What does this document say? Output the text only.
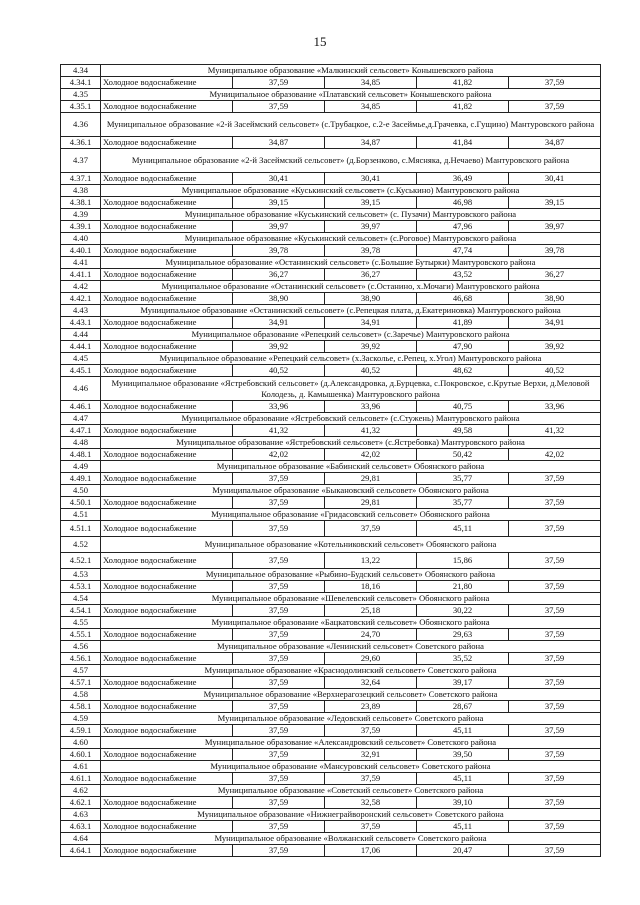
15
4.34	Муниципальное образование «Малкинский сельсовет» Конышевского района				
4.34.1	Холодное водоснабжение	37,59	34,85	41,82	37,59
4.35	Муниципальное образование «Платавский сельсовет» Конышевского района				
4.35.1	Холодное водоснабжение	37,59	34,85	41,82	37,59
4.36	Муниципальное образование «2-й Засеймский сельсовет» (с.Трубацкое, с.2-е Засеймье,д.Грачевка, с.Гущино) Мантуровского района				
4.36.1	Холодное водоснабжение	34,87	34,87	41,84	34,87
4.37	Муниципальное образование «2-й Засеймский сельсовет» (д.Борзенково, с.Мясняка, д.Нечаево) Мантуровского района				
4.37.1	Холодное водоснабжение	30,41	30,41	36,49	30,41
4.38	Муниципальное образование «Куськинский сельсовет» (с.Куськино) Мантуровского района				
4.38.1	Холодное водоснабжение	39,15	39,15	46,98	39,15
4.39	Муниципальное образование «Куськинский сельсовет» (с. Пузачи) Мантуровского района				
4.39.1	Холодное водоснабжение	39,97	39,97	47,96	39,97
4.40	Муниципальное образование «Куськинский сельсовет» (с.Роговое) Мантуровского района				
4.40.1	Холодное водоснабжение	39,78	39,78	47,74	39,78
4.41	Муниципальное образование «Останинский сельсовет» (с.Большие Бутырки) Мантуровского района				
4.41.1	Холодное водоснабжение	36,27	36,27	43,52	36,27
4.42	Муниципальное образование «Останинский сельсовет» (с.Останино, х.Мочаги) Мантуровского района				
4.42.1	Холодное водоснабжение	38,90	38,90	46,68	38,90
4.43	Муниципальное образование «Останинский сельсовет» (с.Репецкая плата, д.Екатериновка) Мантуровского района				
4.43.1	Холодное водоснабжение	34,91	34,91	41,89	34,91
4.44	Муниципальное образование «Репецкий сельсовет» (с.Заречье) Мантуровского района				
4.44.1	Холодное водоснабжение	39,92	39,92	47,90	39,92
4.45	Муниципальное образование «Репецкий сельсовет» (х.Засколье, с.Репец, х.Угол) Мантуровского района				
4.45.1	Холодное водоснабжение	40,52	40,52	48,62	40,52
4.46	Муниципальное образование «Ястребовский сельсовет» (д.Александровка, д.Бурцевка, с.Покровское, с.Крутые Верхи, д.Меловой Колодезь, д. Камышенка) Мантуровского района				
4.46.1	Холодное водоснабжение	33,96	33,96	40,75	33,96
4.47	Муниципальное образование «Ястребовский сельсовет» (с.Стужень) Мантуровского района				
4.47.1	Холодное водоснабжение	41,32	41,32	49,58	41,32
4.48	Муниципальное образование «Ястребовский сельсовет» (с.Ястребовка) Мантуровского района				
4.48.1	Холодное водоснабжение	42,02	42,02	50,42	42,02
4.49	Муниципальное образование «Бабинский сельсовет» Обоянского района				
4.49.1	Холодное водоснабжение	37,59	29,81	35,77	37,59
4.50	Муниципальное образование «Быкановский сельсовет» Обоянского района				
4.50.1	Холодное водоснабжение	37,59	29,81	35,77	37,59
4.51	Муниципальное образование «Гридасовский сельсовет» Обоянского района				
4.51.1	Холодное водоснабжение	37,59	37,59	45,11	37,59
4.52	Муниципальное образование «Котельниковский сельсовет» Обоянского района				
4.52.1	Холодное водоснабжение	37,59	13,22	15,86	37,59
4.53	Муниципальное образование «Рыбино-Будский сельсовет» Обоянского района				
4.53.1	Холодное водоснабжение	37,59	18,16	21,80	37,59
4.54	Муниципальное образование «Шевелевский сельсовет» Обоянского района				
4.54.1	Холодное водоснабжение	37,59	25,18	30,22	37,59
4.55	Муниципальное образование «Бацкатовский сельсовет» Обоянского района				
4.55.1	Холодное водоснабжение	37,59	24,70	29,63	37,59
4.56	Муниципальное образование «Ленинский сельсовет» Советского района				
4.56.1	Холодное водоснабжение	37,59	29,60	35,52	37,59
4.57	Муниципальное образование «Краснодолинский сельсовет» Советского района				
4.57.1	Холодное водоснабжение	37,59	32,64	39,17	37,59
4.58	Муниципальное образование «Верхнерагозецкий сельсовет» Советского района				
4.58.1	Холодное водоснабжение	37,59	23,89	28,67	37,59
4.59	Муниципальное образование «Ледовский сельсовет» Советского района				
4.59.1	Холодное водоснабжение	37,59	37,59	45,11	37,59
4.60	Муниципальное образование «Александровский сельсовет» Советского района				
4.60.1	Холодное водоснабжение	37,59	32,91	39,50	37,59
4.61	Муниципальное образование «Мансуровский сельсовет» Советского района				
4.61.1	Холодное водоснабжение	37,59	37,59	45,11	37,59
4.62	Муниципальное образование «Советский сельсовет» Советского района				
4.62.1	Холодное водоснабжение	37,59	32,58	39,10	37,59
4.63	Муниципальное образование «Нижнеграйворонский сельсовет» Советского района				
4.63.1	Холодное водоснабжение	37,59	37,59	45,11	37,59
4.64	Муниципальное образование «Волжанский сельсовет» Советского района				
4.64.1	Холодное водоснабжение	37,59	17,06	20,47	37,59
